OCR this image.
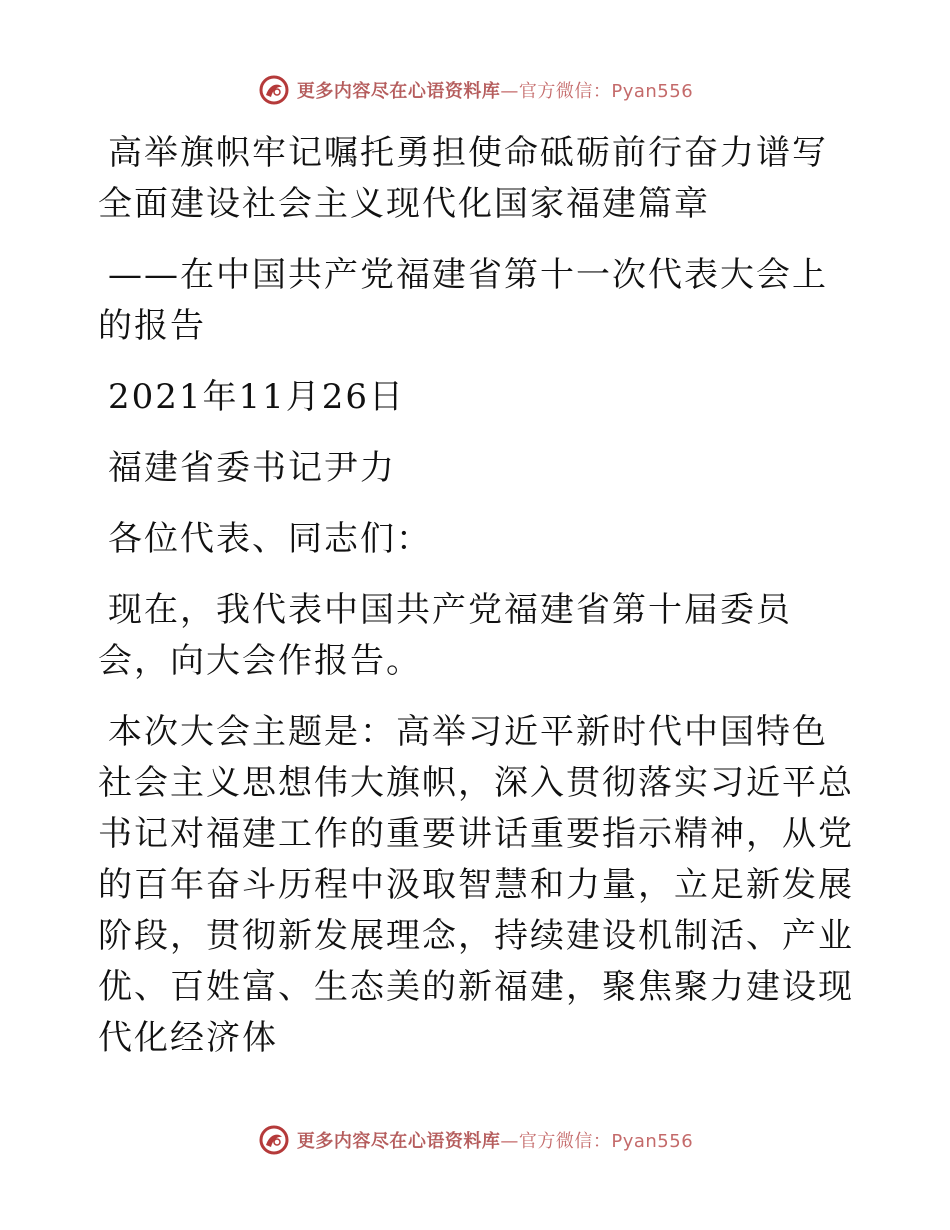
更多内容尽在心语资料库—官方微信：Pyan556

高举旗帜牢记嘱托勇担使命砥砺前行奋力谱写全面建设社会主义现代化国家福建篇章

——在中国共产党福建省第十一次代表大会上的报告

2021年11月26日

福建省委书记尹力

各位代表、同志们：

现在，我代表中国共产党福建省第十届委员会，向大会作报告。

本次大会主题是：高举习近平新时代中国特色社会主义思想伟大旗帜，深入贯彻落实习近平总书记对福建工作的重要讲话重要指示精神，从党的百年奋斗历程中汲取智慧和力量，立足新发展阶段，贯彻新发展理念，持续建设机制活、产业优、百姓富、生态美的新福建，聚焦聚力建设现代化经济体

更多内容尽在心语资料库—官方微信：Pyan556
